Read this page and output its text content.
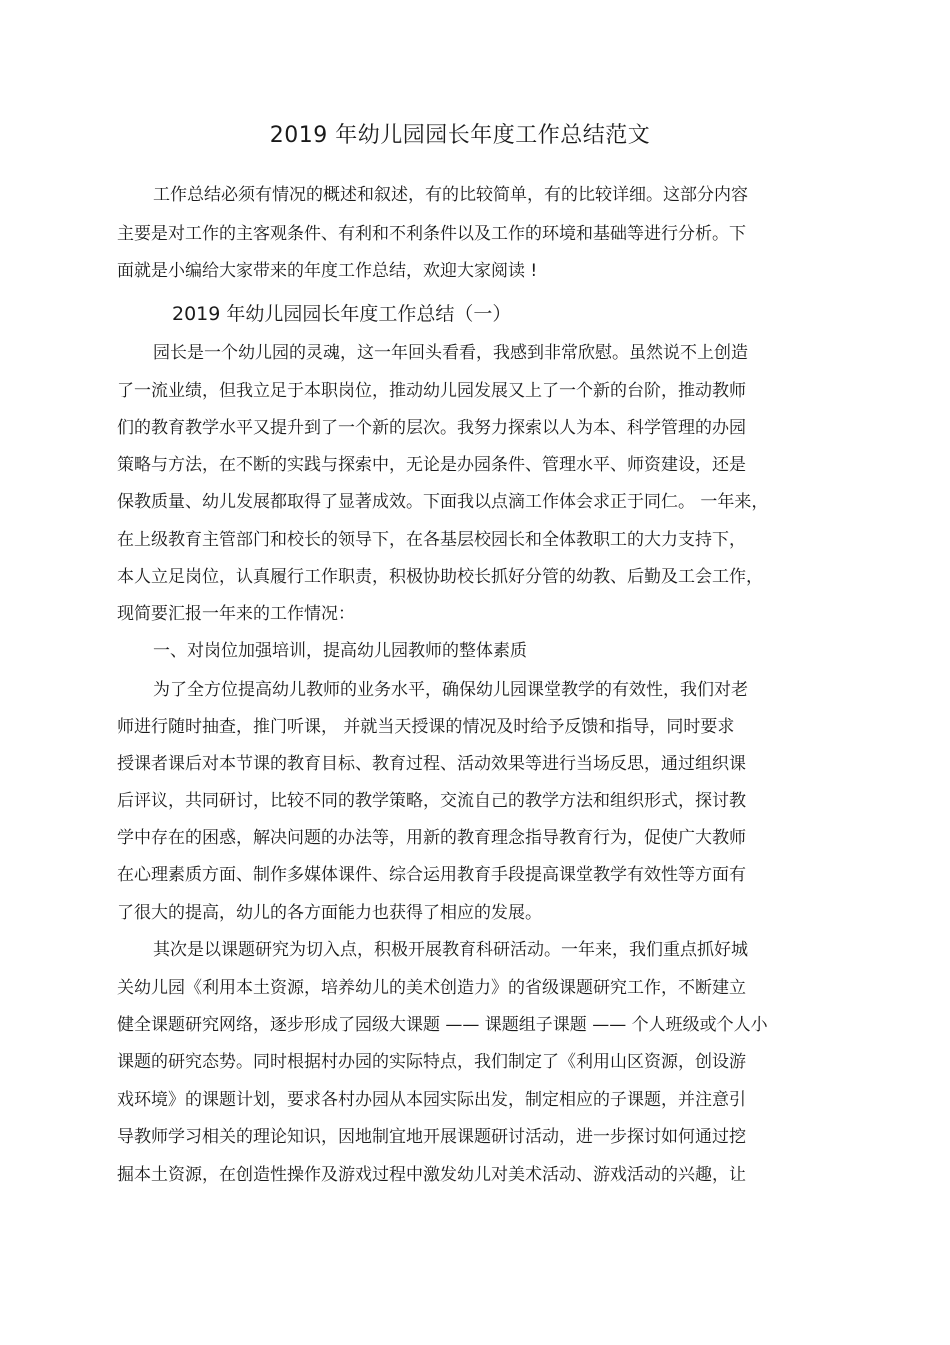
2019 年幼儿园园长年度工作总结范文
工作总结必须有情况的概述和叙述，有的比较简单，有的比较详细。这部分内容
主要是对工作的主客观条件、有利和不利条件以及工作的环境和基础等进行分析。下
面就是小编给大家带来的年度工作总结，欢迎大家阅读 !
2019 年幼儿园园长年度工作总结（一）
园长是一个幼儿园的灵魂，这一年回头看看，我感到非常欣慰。虽然说不上创造
了一流业绩，但我立足于本职岗位，推动幼儿园发展又上了一个新的台阶，推动教师
们的教育教学水平又提升到了一个新的层次。我努力探索以人为本、科学管理的办园
策略与方法，在不断的实践与探索中，无论是办园条件、管理水平、师资建设，还是
保教质量、幼儿发展都取得了显著成效。下面我以点滴工作体会求正于同仁。 一年来，
在上级教育主管部门和校长的领导下，在各基层校园长和全体教职工的大力支持下，
本人立足岗位，认真履行工作职责，积极协助校长抓好分管的幼教、后勤及工会工作，
现简要汇报一年来的工作情况：
一、对岗位加强培训，提高幼儿园教师的整体素质
为了全方位提高幼儿教师的业务水平，确保幼儿园课堂教学的有效性，我们对老
师进行随时抽查，推门听课， 并就当天授课的情况及时给予反馈和指导，同时要求
授课者课后对本节课的教育目标、教育过程、活动效果等进行当场反思，通过组织课
后评议，共同研讨，比较不同的教学策略，交流自己的教学方法和组织形式，探讨教
学中存在的困惑，解决问题的办法等，用新的教育理念指导教育行为，促使广大教师
在心理素质方面、制作多媒体课件、综合运用教育手段提高课堂教学有效性等方面有
了很大的提高，幼儿的各方面能力也获得了相应的发展。
其次是以课题研究为切入点，积极开展教育科研活动。一年来，我们重点抓好城
关幼儿园《利用本土资源，培养幼儿的美术创造力》的省级课题研究工作，不断建立
健全课题研究网络，逐步形成了园级大课题 —— 课题组子课题 —— 个人班级或个人小
课题的研究态势。同时根据村办园的实际特点，我们制定了《利用山区资源，创设游
戏环境》的课题计划，要求各村办园从本园实际出发，制定相应的子课题，并注意引
导教师学习相关的理论知识，因地制宜地开展课题研讨活动，进一步探讨如何通过挖
掘本土资源，在创造性操作及游戏过程中激发幼儿对美术活动、游戏活动的兴趣，让
